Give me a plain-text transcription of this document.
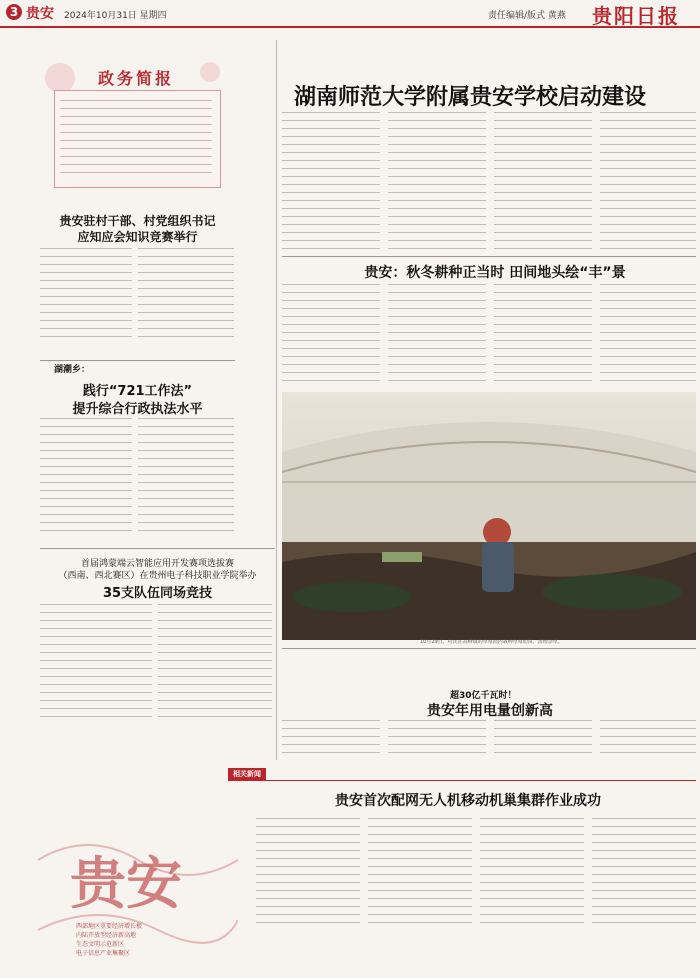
3 贵安 2024年10月31日 星期四	责任编辑/版式 黄燕 贵阳日报
政务简报
贵安驻村干部、村党组织书记
应知应会知识竞赛举行
湖潮乡：
践行“721工作法”
提升综合行政执法水平
首届鸿蒙端云智能应用开发赛项选拔赛
（西南、西北赛区）在贵州电子科技职业学院举办
35支队伍同场竞技
贵安
西部地区重要经济增长极
内陆开放型经济新高地
生态文明示范新区
电子信息产业集聚区
湖南师范大学附属贵安学校启动建设
贵安：秋冬耕种正当时 田间地头绘“丰”景
10月29日，村民在高峰镇的草莓园内栽种草莓幼苗，清理杂草。
超30亿千瓦时！
贵安年用电量创新高
相关新闻
贵安首次配网无人机移动机巢集群作业成功
